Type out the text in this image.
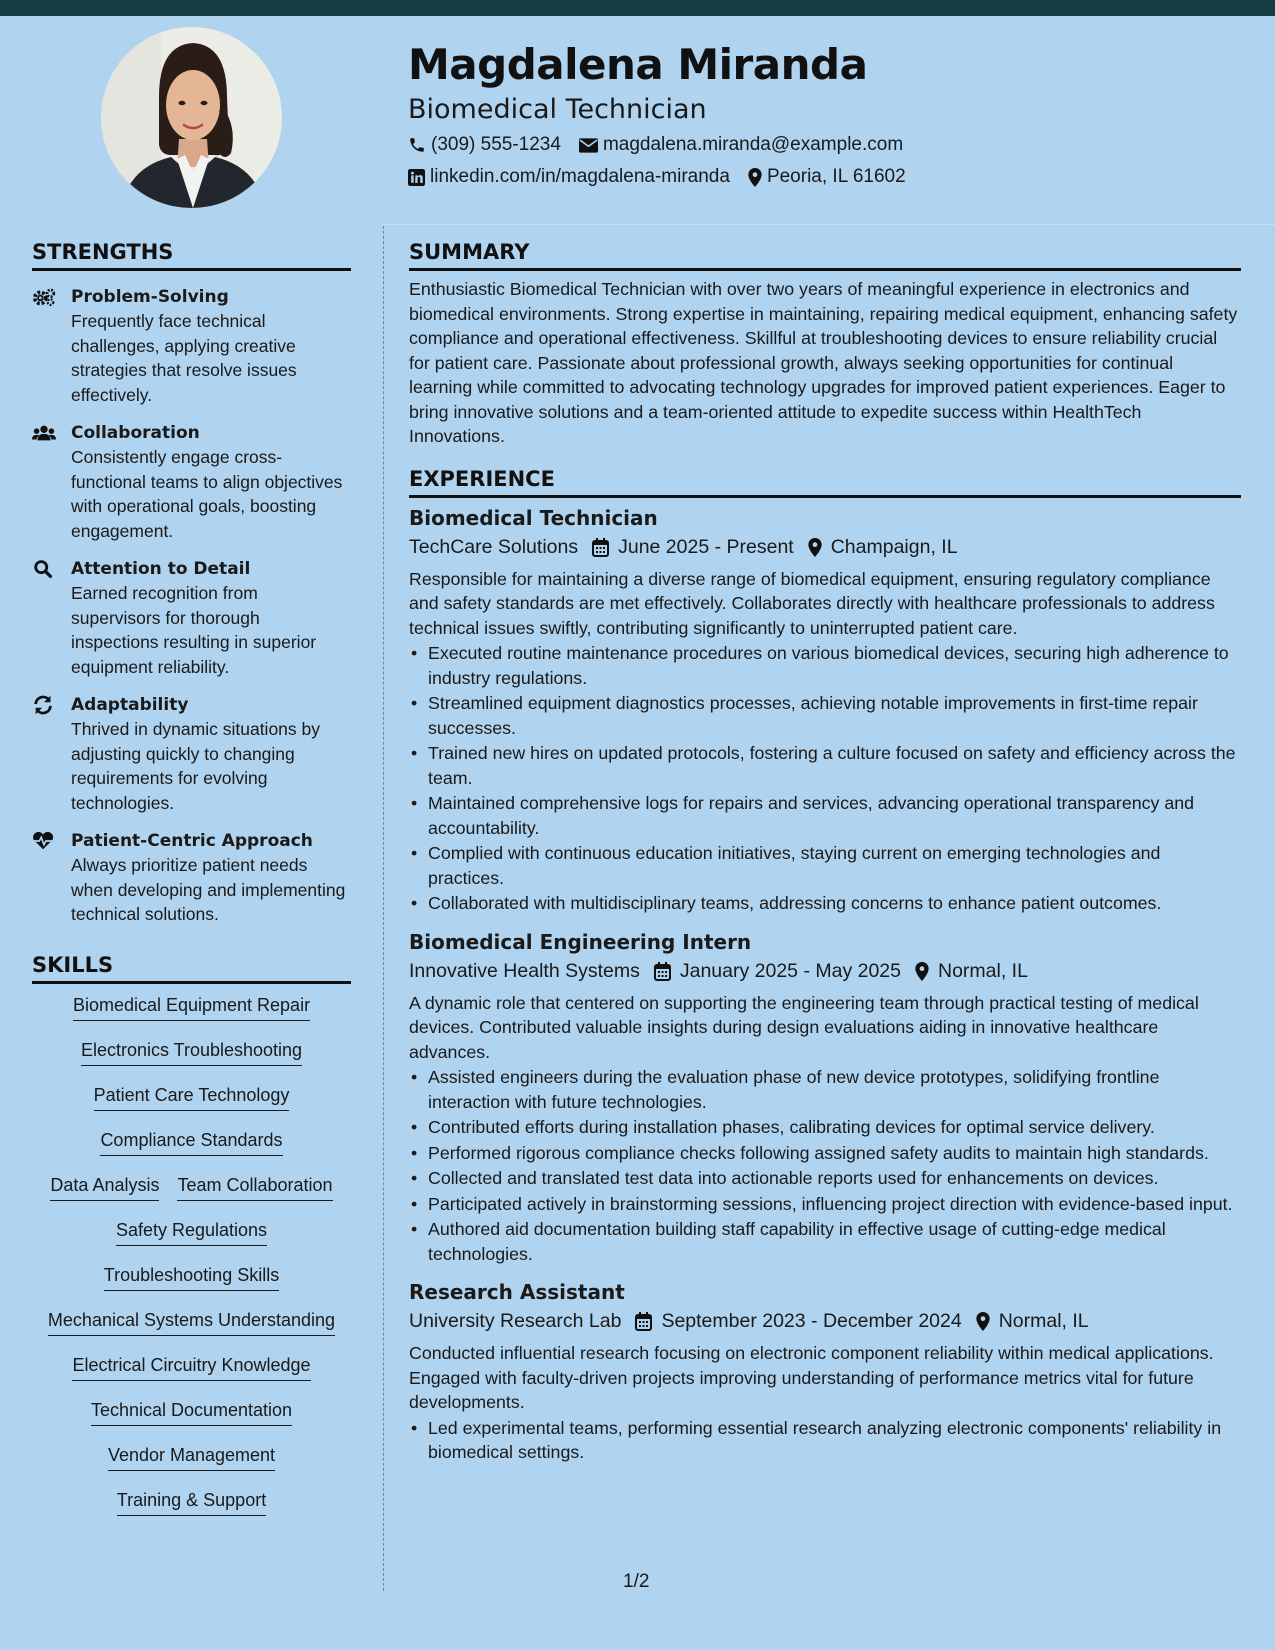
Magdalena Miranda
Biomedical Technician
(309) 555-1234 magdalena.miranda@example.com
linkedin.com/in/magdalena-miranda Peoria, IL 61602
STRENGTHS
Problem-Solving
Frequently face technical challenges, applying creative strategies that resolve issues effectively.
Collaboration
Consistently engage cross-functional teams to align objectives with operational goals, boosting engagement.
Attention to Detail
Earned recognition from supervisors for thorough inspections resulting in superior equipment reliability.
Adaptability
Thrived in dynamic situations by adjusting quickly to changing requirements for evolving technologies.
Patient-Centric Approach
Always prioritize patient needs when developing and implementing technical solutions.
SKILLS
Biomedical Equipment Repair
Electronics Troubleshooting
Patient Care Technology
Compliance Standards
Data Analysis Team Collaboration
Safety Regulations
Troubleshooting Skills
Mechanical Systems Understanding
Electrical Circuitry Knowledge
Technical Documentation
Vendor Management
Training & Support
SUMMARY
Enthusiastic Biomedical Technician with over two years of meaningful experience in electronics and biomedical environments. Strong expertise in maintaining, repairing medical equipment, enhancing safety compliance and operational effectiveness. Skillful at troubleshooting devices to ensure reliability crucial for patient care. Passionate about professional growth, always seeking opportunities for continual learning while committed to advocating technology upgrades for improved patient experiences. Eager to bring innovative solutions and a team-oriented attitude to expedite success within HealthTech Innovations.
EXPERIENCE
Biomedical Technician
TechCare Solutions June 2025 - Present Champaign, IL
Responsible for maintaining a diverse range of biomedical equipment, ensuring regulatory compliance and safety standards are met effectively. Collaborates directly with healthcare professionals to address technical issues swiftly, contributing significantly to uninterrupted patient care.
• Executed routine maintenance procedures on various biomedical devices, securing high adherence to industry regulations.
• Streamlined equipment diagnostics processes, achieving notable improvements in first-time repair successes.
• Trained new hires on updated protocols, fostering a culture focused on safety and efficiency across the team.
• Maintained comprehensive logs for repairs and services, advancing operational transparency and accountability.
• Complied with continuous education initiatives, staying current on emerging technologies and practices.
• Collaborated with multidisciplinary teams, addressing concerns to enhance patient outcomes.
Biomedical Engineering Intern
Innovative Health Systems January 2025 - May 2025 Normal, IL
A dynamic role that centered on supporting the engineering team through practical testing of medical devices. Contributed valuable insights during design evaluations aiding in innovative healthcare advances.
• Assisted engineers during the evaluation phase of new device prototypes, solidifying frontline interaction with future technologies.
• Contributed efforts during installation phases, calibrating devices for optimal service delivery.
• Performed rigorous compliance checks following assigned safety audits to maintain high standards.
• Collected and translated test data into actionable reports used for enhancements on devices.
• Participated actively in brainstorming sessions, influencing project direction with evidence-based input.
• Authored aid documentation building staff capability in effective usage of cutting-edge medical technologies.
Research Assistant
University Research Lab September 2023 - December 2024 Normal, IL
Conducted influential research focusing on electronic component reliability within medical applications. Engaged with faculty-driven projects improving understanding of performance metrics vital for future developments.
• Led experimental teams, performing essential research analyzing electronic components' reliability in biomedical settings.
1/2
